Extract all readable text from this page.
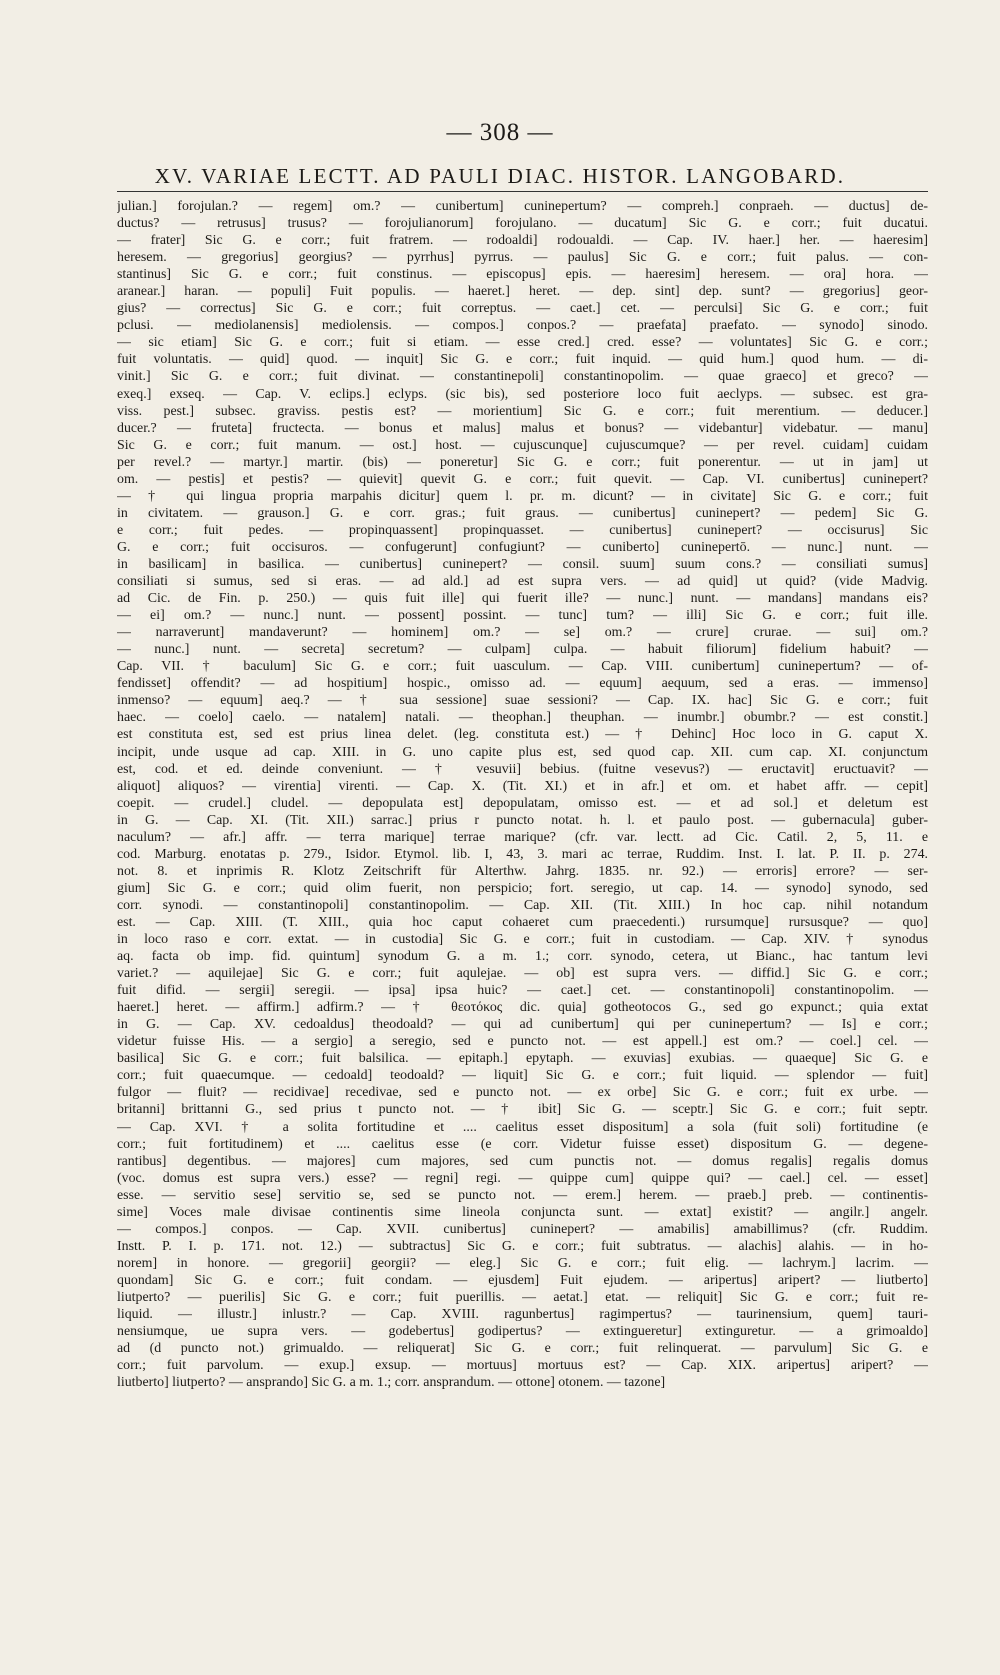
— 308 —
XV. VARIAE LECTT. AD PAULI DIAC. HISTOR. LANGOBARD.
julian.] forojulan.? — regem] om.? — cunibertum] cuninepertum? — compreh.] conpraeh. — ductus] de-
ductus? — retrusus] trusus? — forojulianorum] forojulano. — ducatum] Sic G. e corr.; fuit ducatui.
— frater] Sic G. e corr.; fuit fratrem. — rodoaldi] rodoualdi. — Cap. IV. haer.] her. — haeresim]
heresem. — gregorius] georgius? — pyrrhus] pyrrus. — paulus] Sic G. e corr.; fuit palus. — con-
stantinus] Sic G. e corr.; fuit constinus. — episcopus] epis. — haeresim] heresem. — ora] hora. —
aranear.] haran. — populi] Fuit populis. — haeret.] heret. — dep. sint] dep. sunt? — gregorius] geor-
gius? — correctus] Sic G. e corr.; fuit correptus. — caet.] cet. — perculsi] Sic G. e corr.; fuit
pclusi. — mediolanensis] mediolensis. — compos.] conpos.? — praefata] praefato. — synodo] sinodo.
— sic etiam] Sic G. e corr.; fuit si etiam. — esse cred.] cred. esse? — voluntates] Sic G. e corr.;
fuit voluntatis. — quid] quod. — inquit] Sic G. e corr.; fuit inquid. — quid hum.] quod hum. — di-
vinit.] Sic G. e corr.; fuit divinat. — constantinepoli] constantinopolim. — quae graeco] et greco? —
exeq.] exseq. — Cap. V. eclips.] eclyps. (sic bis), sed posteriore loco fuit aeclyps. — subsec. est gra-
viss. pest.] subsec. graviss. pestis est? — morientium] Sic G. e corr.; fuit merentium. — deducer.]
ducer.? — fruteta] fructecta. — bonus et malus] malus et bonus? — videbantur] videbatur. — manu]
Sic G. e corr.; fuit manum. — ost.] host. — cujuscunque] cujuscumque? — per revel. cuidam] cuidam
per revel.? — martyr.] martir. (bis) — poneretur] Sic G. e corr.; fuit ponerentur. — ut in jam] ut
om. — pestis] et pestis? — quievit] quevit G. e corr.; fuit quevit. — Cap. VI. cunibertus] cuninepert?
— † qui lingua propria marpahis dicitur] quem l. pr. m. dicunt? — in civitate] Sic G. e corr.; fuit
in civitatem. — grauson.] G. e corr. gras.; fuit graus. — cunibertus] cuninepert? — pedem] Sic G.
e corr.; fuit pedes. — propinquassent] propinquasset. — cunibertus] cuninepert? — occisurus] Sic
G. e corr.; fuit occisuros. — confugerunt] confugiunt? — cuniberto] cuninepertō. — nunc.] nunt. —
in basilicam] in basilica. — cunibertus] cuninepert? — consil. suum] suum cons.? — consiliati sumus]
consiliati si sumus, sed si eras. — ad ald.] ad est supra vers. — ad quid] ut quid? (vide Madvig.
ad Cic. de Fin. p. 250.) — quis fuit ille] qui fuerit ille? — nunc.] nunt. — mandans] mandans eis?
— ei] om.? — nunc.] nunt. — possent] possint. — tunc] tum? — illi] Sic G. e corr.; fuit ille.
— narraverunt] mandaverunt? — hominem] om.? — se] om.? — crure] crurae. — sui] om.?
— nunc.] nunt. — secreta] secretum? — culpam] culpa. — habuit filiorum] fidelium habuit? —
Cap. VII. † baculum] Sic G. e corr.; fuit uasculum. — Cap. VIII. cunibertum] cuninepertum? — of-
fendisset] offendit? — ad hospitium] hospic., omisso ad. — equum] aequum, sed a eras. — immenso]
inmenso? — equum] aeq.? — † sua sessione] suae sessioni? — Cap. IX. hac] Sic G. e corr.; fuit
haec. — coelo] caelo. — natalem] natali. — theophan.] theuphan. — inumbr.] obumbr.? — est constit.]
est constituta est, sed est prius linea delet. (leg. constituta est.) — † Dehinc] Hoc loco in G. caput X.
incipit, unde usque ad cap. XIII. in G. uno capite plus est, sed quod cap. XII. cum cap. XI. conjunctum
est, cod. et ed. deinde conveniunt. — † vesuvii] bebius. (fuitne vesevus?) — eructavit] eructuavit? —
aliquot] aliquos? — virentia] virenti. — Cap. X. (Tit. XI.) et in afr.] et om. et habet affr. — cepit]
coepit. — crudel.] cludel. — depopulata est] depopulatam, omisso est. — et ad sol.] et deletum est
in G. — Cap. XI. (Tit. XII.) sarrac.] prius r puncto notat. h. l. et paulo post. — gubernacula] guber-
naculum? — afr.] affr. — terra marique] terrae marique? (cfr. var. lectt. ad Cic. Catil. 2, 5, 11. e
cod. Marburg. enotatas p. 279., Isidor. Etymol. lib. I, 43, 3. mari ac terrae, Ruddim. Inst. I. lat. P. II. p. 274.
not. 8. et inprimis R. Klotz Zeitschrift für Alterthw. Jahrg. 1835. nr. 92.) — erroris] errore? — ser-
gium] Sic G. e corr.; quid olim fuerit, non perspicio; fort. seregio, ut cap. 14. — synodo] synodo, sed
corr. synodi. — constantinopoli] constantinopolim. — Cap. XII. (Tit. XIII.) In hoc cap. nihil notandum
est. — Cap. XIII. (T. XIII., quia hoc caput cohaeret cum praecedenti.) rursumque] rursusque? — quo]
in loco raso e corr. extat. — in custodia] Sic G. e corr.; fuit in custodiam. — Cap. XIV. † synodus
aq. facta ob imp. fid. quintum] synodum G. a m. 1.; corr. synodo, cetera, ut Bianc., hac tantum levi
variet.? — aquilejae] Sic G. e corr.; fuit aqulejae. — ob] est supra vers. — diffid.] Sic G. e corr.;
fuit difid. — sergii] seregii. — ipsa] ipsa huic? — caet.] cet. — constantinopoli] constantinopolim. —
haeret.] heret. — affirm.] adfirm.? — † θεοτόκος dic. quia] gotheotocos G., sed go expunct.; quia extat
in G. — Cap. XV. cedoaldus] theodoald? — qui ad cunibertum] qui per cuninepertum? — Is] e corr.;
videtur fuisse His. — a sergio] a seregio, sed e puncto not. — est appell.] est om.? — coel.] cel. —
basilica] Sic G. e corr.; fuit balsilica. — epitaph.] epytaph. — exuvias] exubias. — quaeque] Sic G. e
corr.; fuit quaecumque. — cedoald] teodoald? — liquit] Sic G. e corr.; fuit liquid. — splendor — fuit]
fulgor — fluit? — recidivae] recedivae, sed e puncto not. — ex orbe] Sic G. e corr.; fuit ex urbe. —
britanni] brittanni G., sed prius t puncto not. — † ibit] Sic G. — sceptr.] Sic G. e corr.; fuit septr.
— Cap. XVI. † a solita fortitudine et .... caelitus esset dispositum] a sola (fuit soli) fortitudine (e
corr.; fuit fortitudinem) et .... caelitus esse (e corr. Videtur fuisse esset) dispositum G. — degene-
rantibus] degentibus. — majores] cum majores, sed cum punctis not. — domus regalis] regalis domus
(voc. domus est supra vers.) esse? — regni] regi. — quippe cum] quippe qui? — cael.] cel. — esset]
esse. — servitio sese] servitio se, sed se puncto not. — erem.] herem. — praeb.] preb. — continentis-
sime] Voces male divisae continentis sime lineola conjuncta sunt. — extat] existit? — angilr.] angelr.
— compos.] conpos. — Cap. XVII. cunibertus] cuninepert? — amabilis] amabillimus? (cfr. Ruddim.
Instt. P. I. p. 171. not. 12.) — subtractus] Sic G. e corr.; fuit subtratus. — alachis] alahis. — in ho-
norem] in honore. — gregorii] georgii? — eleg.] Sic G. e corr.; fuit elig. — lachrym.] lacrim. —
quondam] Sic G. e corr.; fuit condam. — ejusdem] Fuit ejudem. — aripertus] aripert? — liutberto]
liutperto? — puerilis] Sic G. e corr.; fuit puerillis. — aetat.] etat. — reliquit] Sic G. e corr.; fuit re-
liquid. — illustr.] inlustr.? — Cap. XVIII. ragunbertus] ragimpertus? — taurinensium, quem] tauri-
nensiumque, ue supra vers. — godebertus] godipertus? — extingueretur] extinguretur. — a grimoaldo]
ad (d puncto not.) grimualdo. — reliquerat] Sic G. e corr.; fuit relinquerat. — parvulum] Sic G. e
corr.; fuit parvolum. — exup.] exsup. — mortuus] mortuus est? — Cap. XIX. aripertus] aripert? —
liutberto] liutperto? — ansprando] Sic G. a m. 1.; corr. ansprandum. — ottone] otonem. — tazone]
